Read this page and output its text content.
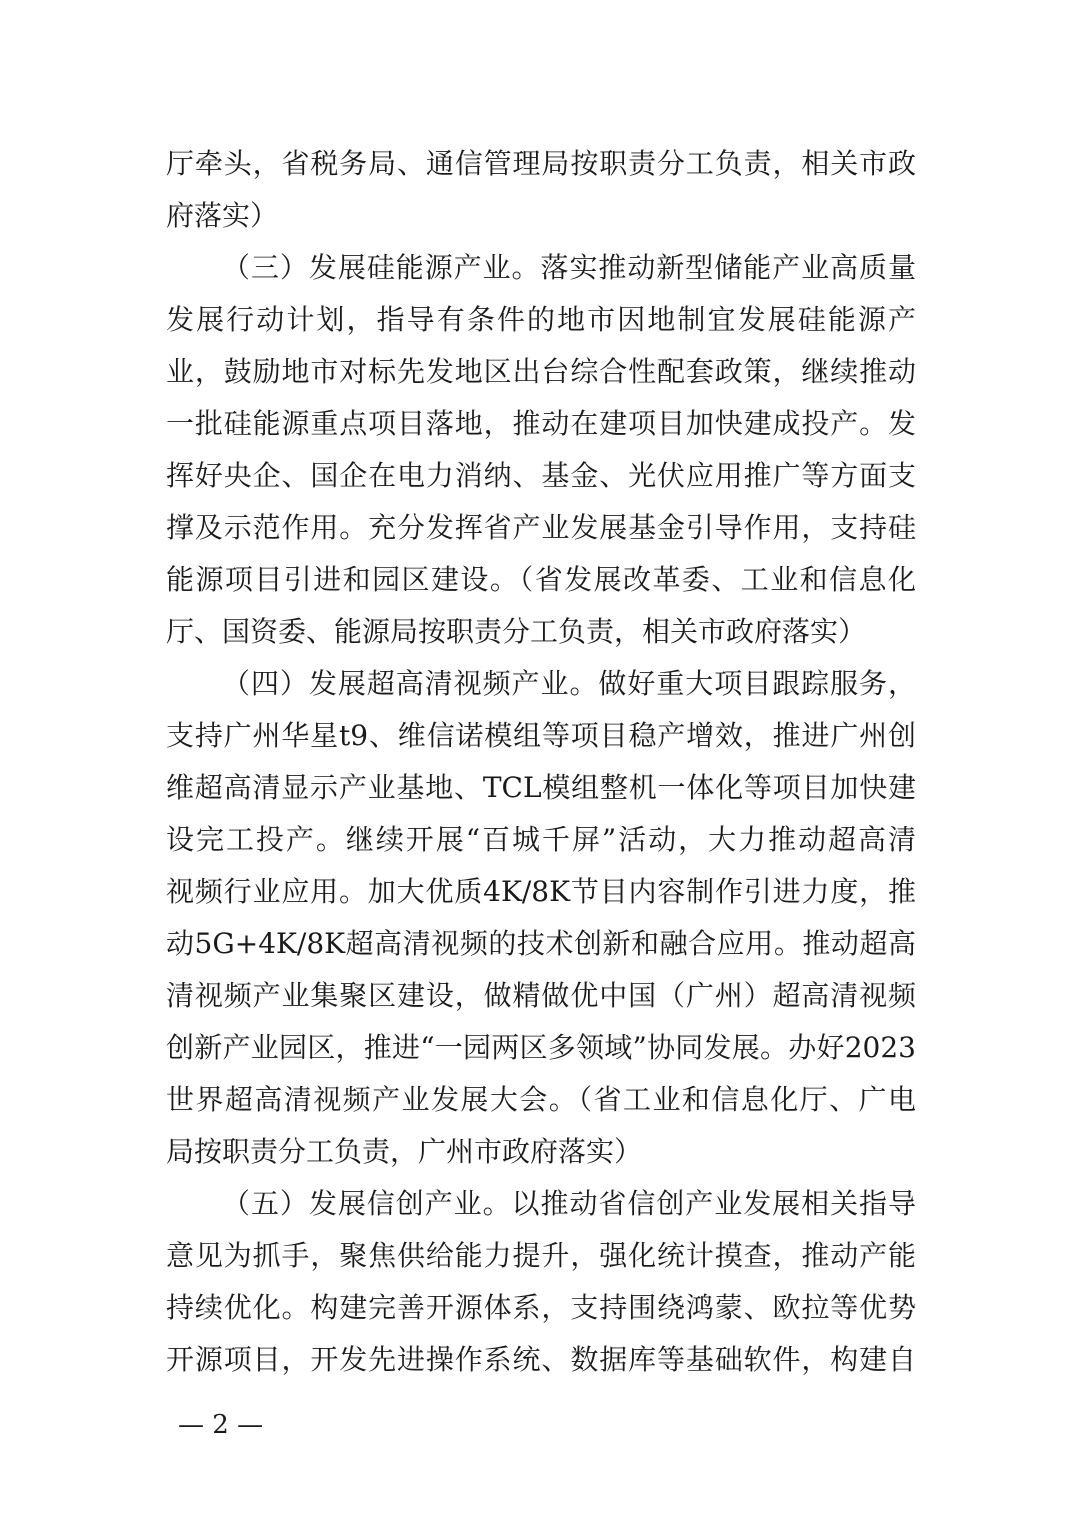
厅牵头，省税务局、通信管理局按职责分工负责，相关市政
府落实）
（三）发展硅能源产业。落实推动新型储能产业高质量
发展行动计划，指导有条件的地市因地制宜发展硅能源产
业，鼓励地市对标先发地区出台综合性配套政策，继续推动
一批硅能源重点项目落地，推动在建项目加快建成投产。发
挥好央企、国企在电力消纳、基金、光伏应用推广等方面支
撑及示范作用。充分发挥省产业发展基金引导作用，支持硅
能源项目引进和园区建设。（省发展改革委、工业和信息化
厅、国资委、能源局按职责分工负责，相关市政府落实）
（四）发展超高清视频产业。做好重大项目跟踪服务，
支持广州华星t9、维信诺模组等项目稳产增效，推进广州创
维超高清显示产业基地、TCL模组整机一体化等项目加快建
设完工投产。继续开展“百城千屏”活动，大力推动超高清
视频行业应用。加大优质4K/8K节目内容制作引进力度，推
动5G+4K/8K超高清视频的技术创新和融合应用。推动超高
清视频产业集聚区建设，做精做优中国（广州）超高清视频
创新产业园区，推进“一园两区多领域”协同发展。办好2023
世界超高清视频产业发展大会。（省工业和信息化厅、广电
局按职责分工负责，广州市政府落实）
（五）发展信创产业。以推动省信创产业发展相关指导
意见为抓手，聚焦供给能力提升，强化统计摸查，推动产能
持续优化。构建完善开源体系，支持围绕鸿蒙、欧拉等优势
开源项目，开发先进操作系统、数据库等基础软件，构建自
— 2 —
